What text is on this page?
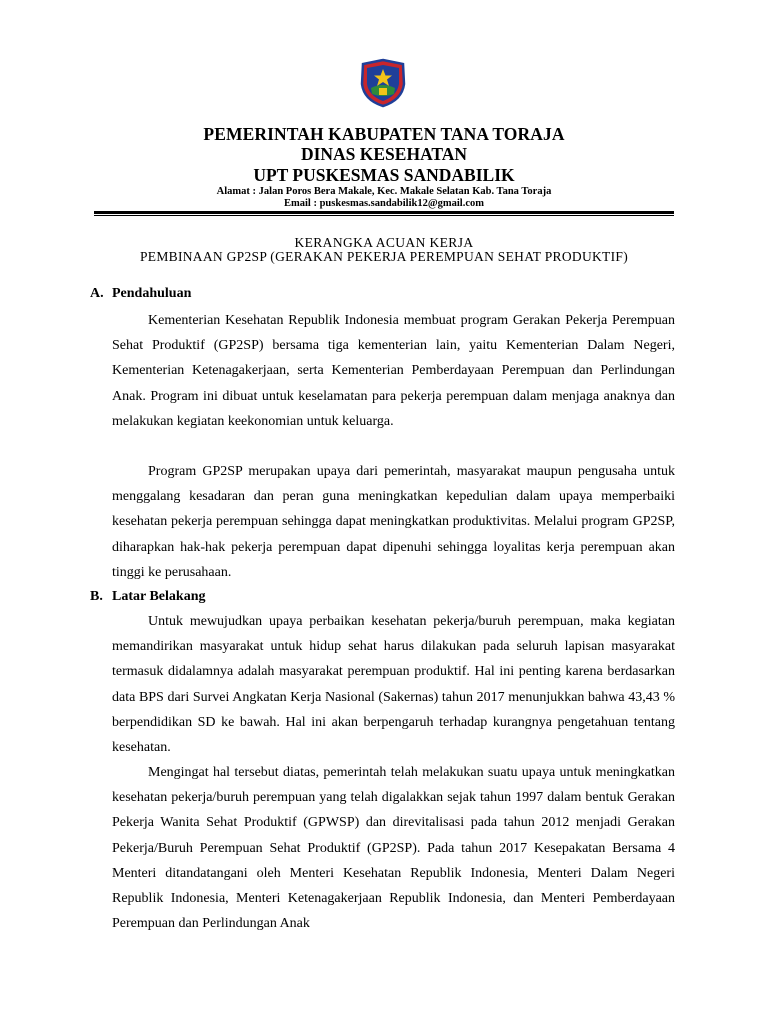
PEMERINTAH KABUPATEN TANA TORAJA
DINAS KESEHATAN
UPT PUSKESMAS SANDABILIK
Alamat : Jalan Poros Bera Makale, Kec. Makale Selatan Kab. Tana Toraja
Email : puskesmas.sandabilik12@gmail.com
KERANGKA ACUAN KERJA
PEMBINAAN GP2SP (GERAKAN PEKERJA PEREMPUAN SEHAT PRODUKTIF)
A. Pendahuluan

Kementerian Kesehatan Republik Indonesia membuat program Gerakan Pekerja Perempuan Sehat Produktif (GP2SP) bersama tiga kementerian lain, yaitu Kementerian Dalam Negeri, Kementerian Ketenagakerjaan, serta Kementerian Pemberdayaan Perempuan dan Perlindungan Anak. Program ini dibuat untuk keselamatan para pekerja perempuan dalam menjaga anaknya dan melakukan kegiatan keekonomian untuk keluarga.

Program GP2SP merupakan upaya dari pemerintah, masyarakat maupun pengusaha untuk menggalang kesadaran dan peran guna meningkatkan kepedulian dalam upaya memperbaiki kesehatan pekerja perempuan sehingga dapat meningkatkan produktivitas. Melalui program GP2SP, diharapkan hak-hak pekerja perempuan dapat dipenuhi sehingga loyalitas kerja perempuan akan tinggi ke perusahaan.

B. Latar Belakang

Untuk mewujudkan upaya perbaikan kesehatan pekerja/buruh perempuan, maka kegiatan memandirikan masyarakat untuk hidup sehat harus dilakukan pada seluruh lapisan masyarakat termasuk didalamnya adalah masyarakat perempuan produktif. Hal ini penting karena berdasarkan data BPS dari Survei Angkatan Kerja Nasional (Sakernas) tahun 2017 menunjukkan bahwa 43,43 % berpendidikan SD ke bawah. Hal ini akan berpengaruh terhadap kurangnya pengetahuan tentang kesehatan.

Mengingat hal tersebut diatas, pemerintah telah melakukan suatu upaya untuk meningkatkan kesehatan pekerja/buruh perempuan yang telah digalakkan sejak tahun 1997 dalam bentuk Gerakan Pekerja Wanita Sehat Produktif (GPWSP) dan direvitalisasi pada tahun 2012 menjadi Gerakan Pekerja/Buruh Perempuan Sehat Produktif (GP2SP). Pada tahun 2017 Kesepakatan Bersama 4 Menteri ditandatangani oleh Menteri Kesehatan Republik Indonesia, Menteri Dalam Negeri Republik Indonesia, Menteri Ketenagakerjaan Republik Indonesia, dan Menteri Pemberdayaan Perempuan dan Perlindungan Anak
